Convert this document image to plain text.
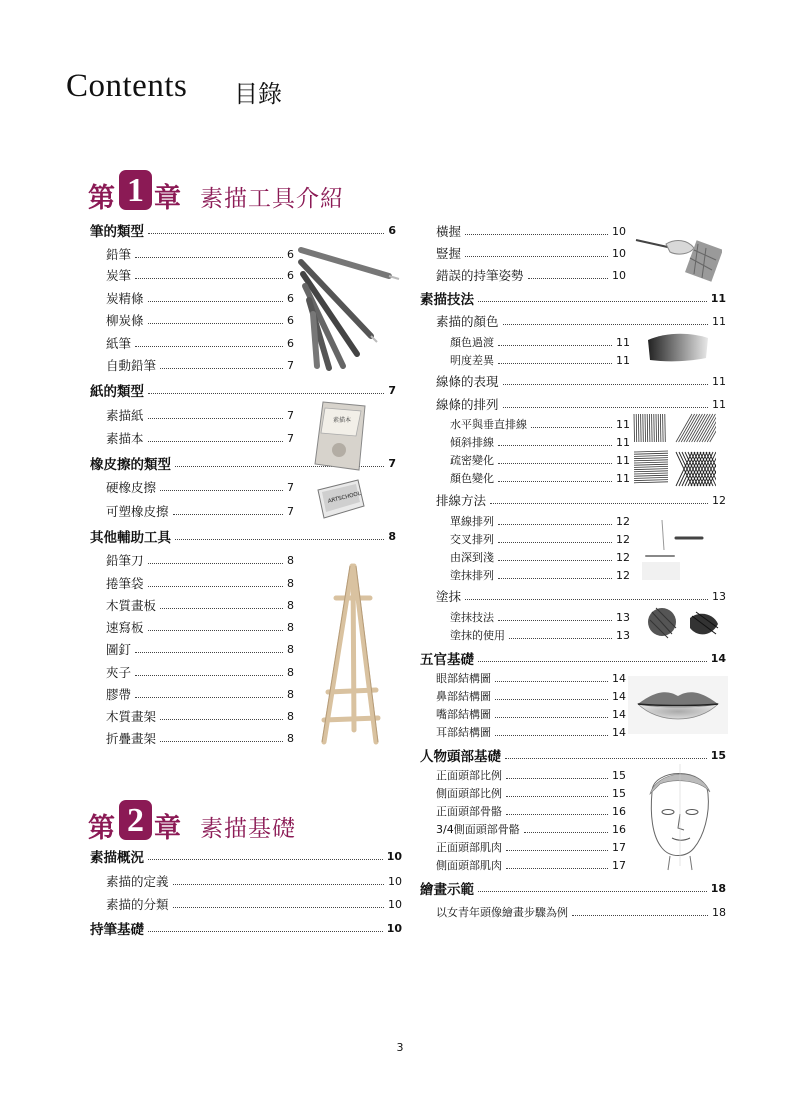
Contents 目錄
第 1 章 素描工具介紹
第 2 章 素描基礎
筆的類型	6
鉛筆	6
炭筆	6
炭精條	6
柳炭條	6
紙筆	6
自動鉛筆	7
紙的類型	7
素描紙	7
素描本	7
橡皮擦的類型	7
硬橡皮擦	7
可塑橡皮擦	7
其他輔助工具	8
鉛筆刀	8
捲筆袋	8
木質畫板	8
速寫板	8
圖釘	8
夾子	8
膠帶	8
木質畫架	8
折疊畫架	8
素描概況	10
素描的定義	10
素描的分類	10
持筆基礎	10
橫握	10
豎握	10
錯誤的持筆姿勢	10
素描技法	11
素描的顏色	11
顏色過渡	11
明度差異	11
線條的表現	11
線條的排列	11
水平與垂直排線	11
傾斜排線	11
疏密變化	11
顏色變化	11
排線方法	12
單線排列	12
交叉排列	12
由深到淺	12
塗抹排列	12
塗抹	13
塗抹技法	13
塗抹的使用	13
五官基礎	14
眼部結構圖	14
鼻部結構圖	14
嘴部結構圖	14
耳部結構圖	14
人物頭部基礎	15
正面頭部比例	15
側面頭部比例	15
正面頭部骨骼	16
3/4側面頭部骨骼	16
正面頭部肌肉	17
側面頭部肌肉	17
繪畫示範	18
以女青年頭像繪畫步驟為例	18
素描本
ARTSCHOOL
3
